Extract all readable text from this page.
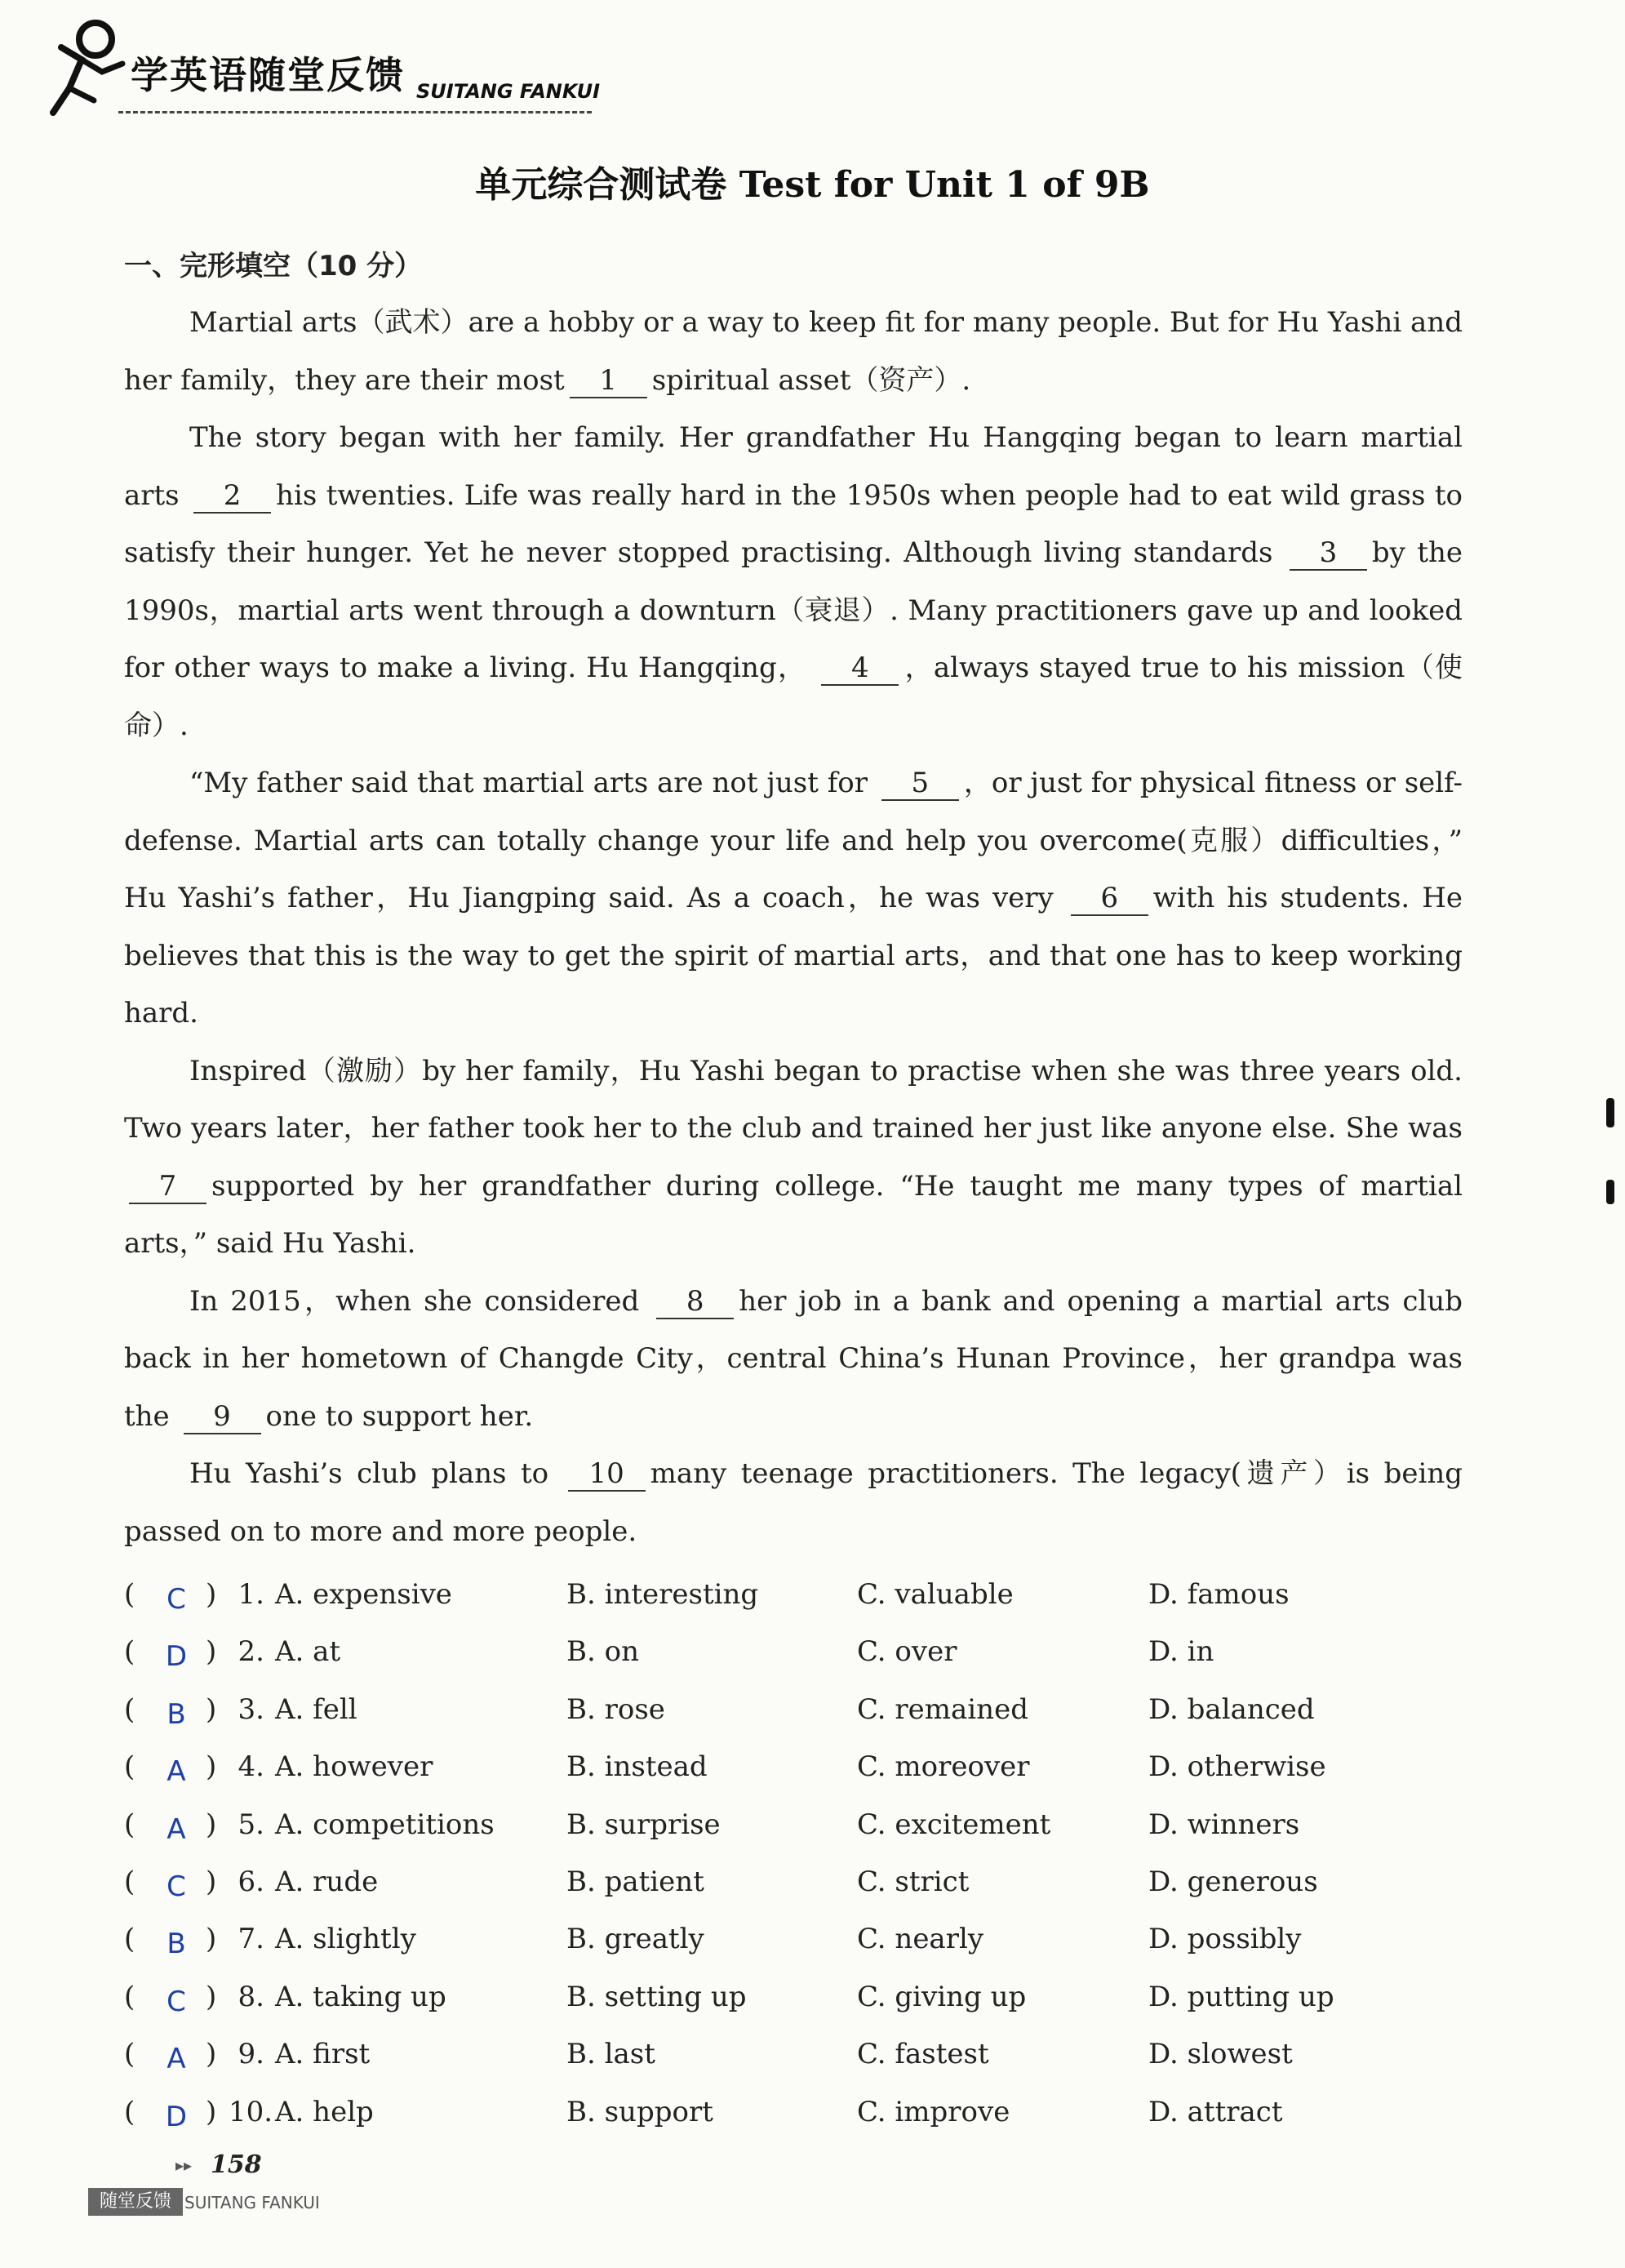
学英语随堂反馈 SUITANG FANKUI
单元综合测试卷 Test for Unit 1 of 9B
一、完形填空（10 分）

Martial arts（武术）are a hobby or a way to keep fit for many people. But for Hu Yashi and her family，they are their most 1 spiritual asset（资产）.

The story began with her family. Her grandfather Hu Hangqing began to learn martial arts 2 his twenties. Life was really hard in the 1950s when people had to eat wild grass to satisfy their hunger. Yet he never stopped practising. Although living standards 3 by the 1990s，martial arts went through a downturn（衰退）. Many practitioners gave up and looked for other ways to make a living. Hu Hangqing， 4 ，always stayed true to his mission（使命）.

“My father said that martial arts are not just for 5 ，or just for physical fitness or self-defense. Martial arts can totally change your life and help you overcome(克服）difficulties，” Hu Yashi’s father，Hu Jiangping said. As a coach，he was very 6 with his students. He believes that this is the way to get the spirit of martial arts，and that one has to keep working hard.

Inspired（激励）by her family，Hu Yashi began to practise when she was three years old. Two years later，her father took her to the club and trained her just like anyone else. She was 7 supported by her grandfather during college. “He taught me many types of martial arts，” said Hu Yashi.

In 2015，when she considered 8 her job in a bank and opening a martial arts club back in her hometown of Changde City，central China’s Hunan Province，her grandpa was the 9 one to support her.

Hu Yashi’s club plans to 10 many teenage practitioners. The legacy(遗产）is being passed on to more and more people.

( C ) 1. A. expensive	B. interesting	C. valuable	D. famous
( D ) 2. A. at	B. on	C. over	D. in
( B ) 3. A. fell	B. rose	C. remained	D. balanced
( A ) 4. A. however	B. instead	C. moreover	D. otherwise
( A ) 5. A. competitions	B. surprise	C. excitement	D. winners
( C ) 6. A. rude	B. patient	C. strict	D. generous
( B ) 7. A. slightly	B. greatly	C. nearly	D. possibly
( C ) 8. A. taking up	B. setting up	C. giving up	D. putting up
( A ) 9. A. first	B. last	C. fastest	D. slowest
( D ) 10. A. help	B. support	C. improve	D. attract
▸▸ 158
随堂反馈 SUITANG FANKUI
